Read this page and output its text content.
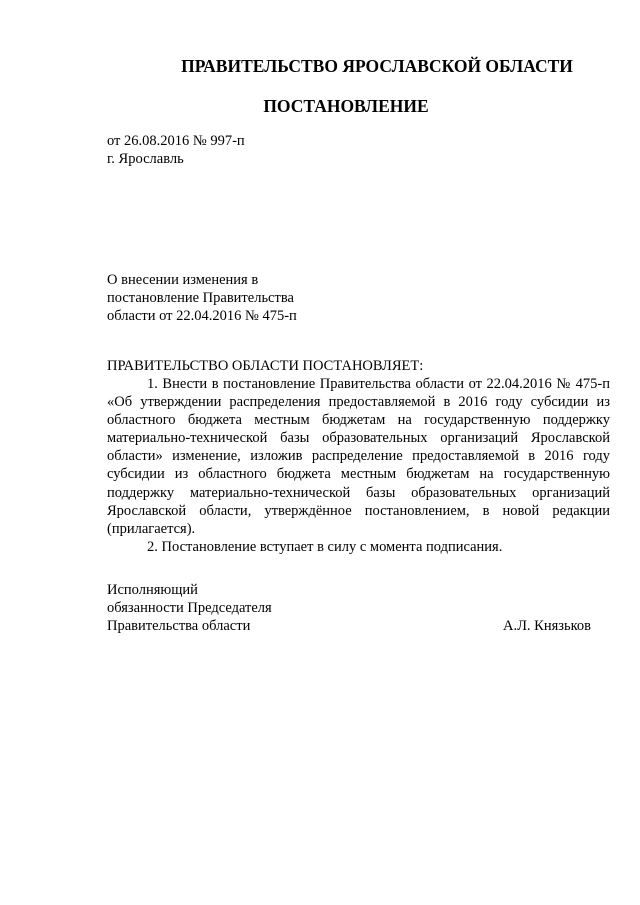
ПРАВИТЕЛЬСТВО ЯРОСЛАВСКОЙ ОБЛАСТИ
ПОСТАНОВЛЕНИЕ
от 26.08.2016 № 997-п
г. Ярославль
О внесении изменения в
постановление Правительства
области от 22.04.2016 № 475-п
ПРАВИТЕЛЬСТВО ОБЛАСТИ ПОСТАНОВЛЯЕТ:

1. Внести в постановление Правительства области от 22.04.2016 № 475-п «Об утверждении распределения предоставляемой в 2016 году субсидии из областного бюджета местным бюджетам на государственную поддержку материально-технической базы образовательных организаций Ярославской области» изменение, изложив распределение предоставляемой в 2016 году субсидии из областного бюджета местным бюджетам на государственную поддержку материально-технической базы образовательных организаций Ярославской области, утверждённое постановлением, в новой редакции (прилагается).

2. Постановление вступает в силу с момента подписания.

Исполняющий
обязанности Председателя
Правительства области	А.Л. Князьков
